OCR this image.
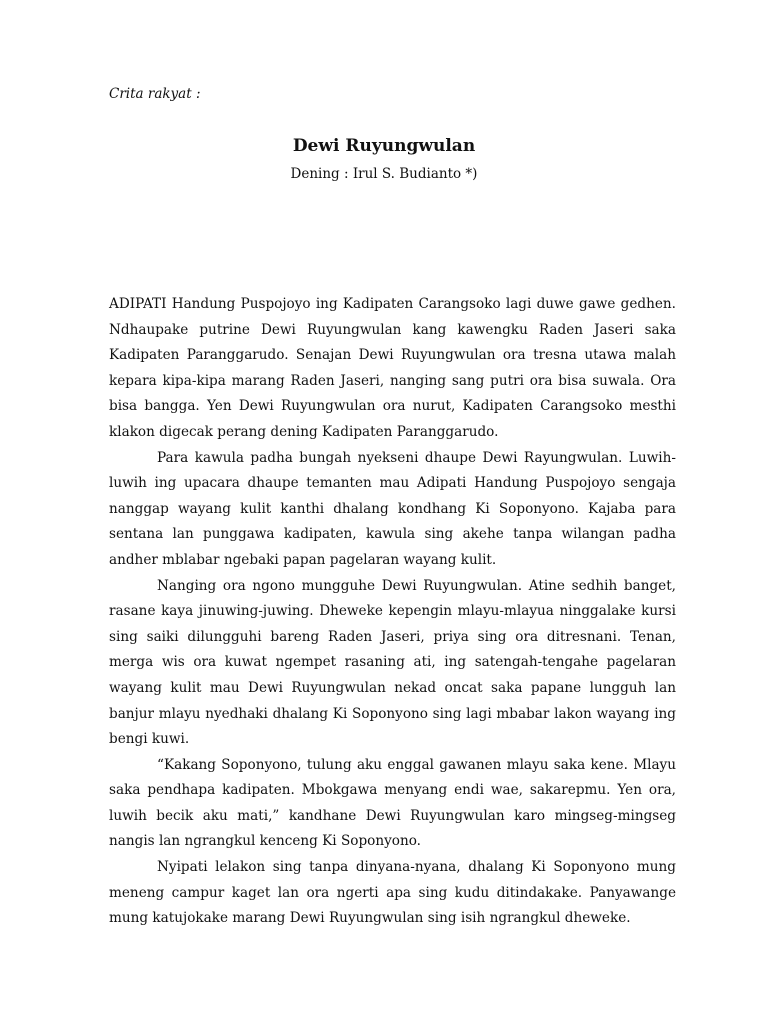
Crita rakyat :
Dewi Ruyungwulan
Dening : Irul S. Budianto *)

ADIPATI Handung Puspojoyo ing Kadipaten Carangsoko lagi duwe gawe gedhen. Ndhaupake putrine Dewi Ruyungwulan kang kawengku Raden Jaseri saka Kadipaten Paranggarudo. Senajan Dewi Ruyungwulan ora tresna utawa malah kepara kipa-kipa marang Raden Jaseri, nanging sang putri ora bisa suwala. Ora bisa bangga. Yen Dewi Ruyungwulan ora nurut, Kadipaten Carangsoko mesthi klakon digecak perang dening Kadipaten Paranggarudo.

Para kawula padha bungah nyekseni dhaupe Dewi Rayungwulan. Luwih-luwih ing upacara dhaupe temanten mau Adipati Handung Puspojoyo sengaja nanggap wayang kulit kanthi dhalang kondhang Ki Soponyono. Kajaba para sentana lan punggawa kadipaten, kawula sing akehe tanpa wilangan padha andher mblabar ngebaki papan pagelaran wayang kulit.

Nanging ora ngono mungguhe Dewi Ruyungwulan. Atine sedhih banget, rasane kaya jinuwing-juwing. Dheweke kepengin mlayu-mlayua ninggalake kursi sing saiki dilungguhi bareng Raden Jaseri, priya sing ora ditresnani. Tenan, merga wis ora kuwat ngempet rasaning ati, ing satengah-tengahe pagelaran wayang kulit mau Dewi Ruyungwulan nekad oncat saka papane lungguh lan banjur mlayu nyedhaki dhalang Ki Soponyono sing lagi mbabar lakon wayang ing bengi kuwi.

“Kakang Soponyono, tulung aku enggal gawanen mlayu saka kene. Mlayu saka pendhapa kadipaten. Mbokgawa menyang endi wae, sakarepmu. Yen ora, luwih becik aku mati,” kandhane Dewi Ruyungwulan karo mingseg-mingseg nangis lan ngrangkul kenceng Ki Soponyono.

Nyipati lelakon sing tanpa dinyana-nyana, dhalang Ki Soponyono mung meneng campur kaget lan ora ngerti apa sing kudu ditindakake. Panyawange mung katujokake marang Dewi Ruyungwulan sing isih ngrangkul dheweke.
